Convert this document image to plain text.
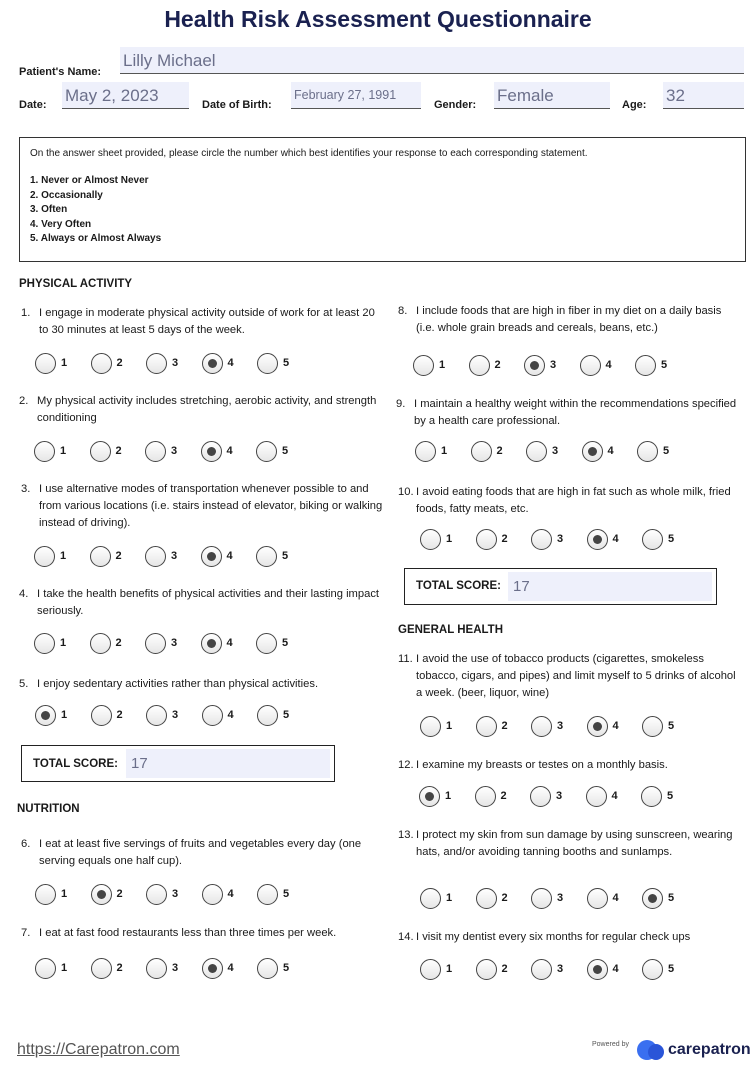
Health Risk Assessment Questionnaire
Patient's Name:
Lilly Michael
Date: May 2, 2023	Date of Birth:
February 27, 1991
Gender: Female	Age: 32
On the answer sheet provided, please circle the number which best identifies your response to each corresponding statement.
1. Never or Almost Never
2. Occasionally
3. Often
4. Very Often
5. Always or Almost Always
PHYSICAL ACTIVITY
NUTRITION
GENERAL HEALTH
TOTAL SCORE: 17
TOTAL SCORE: 17
1. I engage in moderate physical activity outside of work for at least 20 to 30 minutes at least 5 days of the week.
1	2	3	4	5
2. My physical activity includes stretching, aerobic activity, and strength conditioning
1	2	3	4	5
3. I use alternative modes of transportation whenever possible to and from various locations (i.e. stairs instead of elevator, biking or walking instead of driving).
1	2	3	4	5
4. I take the health benefits of physical activities and their lasting impact seriously.
1	2	3	4	5
5. I enjoy sedentary activities rather than physical activities.
1	2	3	4	5
6. I eat at least five servings of fruits and vegetables every day (one serving equals one half cup).
1	2	3	4	5
7. I eat at fast food restaurants less than three times per week.
1	2	3	4	5
8. I include foods that are high in fiber in my diet on a daily basis (i.e. whole grain breads and cereals, beans, etc.)
1	2	3	4	5
9. I maintain a healthy weight within the recommendations specified by a health care professional.
1	2	3	4	5
10. I avoid eating foods that are high in fat such as whole milk, fried foods, fatty meats, etc.
1	2	3	4	5
11. I avoid the use of tobacco products (cigarettes, smokeless tobacco, cigars, and pipes) and limit myself to 5 drinks of alcohol a week. (beer, liquor, wine)
1	2	3	4	5
12. I examine my breasts or testes on a monthly basis.
1	2	3	4	5
13. I protect my skin from sun damage by using sunscreen, wearing hats, and/or avoiding tanning booths and sunlamps.
1	2	3	4	5
14. I visit my dentist every six months for regular check ups
1	2	3	4	5
https://Carepatron.com	Powered by carepatron
